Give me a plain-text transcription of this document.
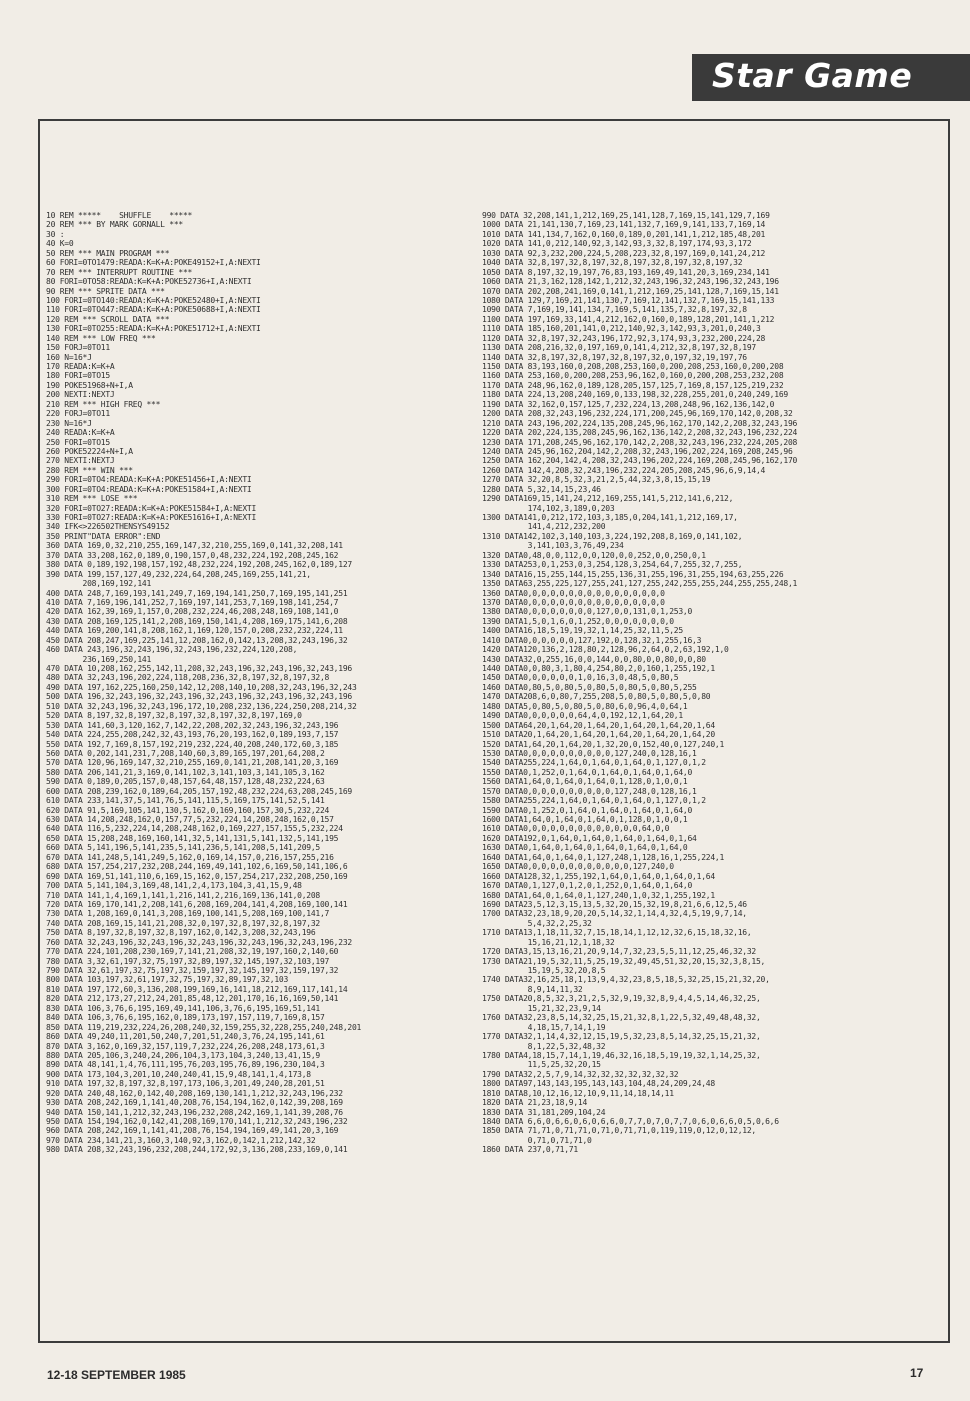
Star Game
10 REM *****    SHUFFLE    *****
20 REM *** BY MARK GORNALL ***
30 :
40 K=0
50 REM *** MAIN PROGRAM ***
60 FORI=0TO1479:READA:K=K+A:POKE49152+I,A:NEXTI
70 REM *** INTERRUPT ROUTINE ***
80 FORI=0TO58:READA:K=K+A:POKE52736+I,A:NEXTI
90 REM *** SPRITE DATA ***
100 FORI=0TO140:READA:K=K+A:POKE52480+I,A:NEXTI
110 FORI=0TO447:READA:K=K+A:POKE50688+I,A:NEXTI
120 REM *** SCROLL DATA ***
130 FORI=0TO255:READA:K=K+A:POKE51712+I,A:NEXTI
140 REM *** LOW FREQ ***
150 FORJ=0TO11
160 N=16*J
170 READA:K=K+A
180 FORI=0TO15
190 POKE51968+N+I,A
200 NEXTI:NEXTJ
210 REM *** HIGH FREQ ***
220 FORJ=0TO11
230 N=16*J
240 READA:K=K+A
250 FORI=0TO15
260 POKE52224+N+I,A
270 NEXTI:NEXTJ
280 REM *** WIN ***
290 FORI=0TO4:READA:K=K+A:POKE51456+I,A:NEXTI
300 FORI=0TO4:READA:K=K+A:POKE51584+I,A:NEXTI
310 REM *** LOSE ***
320 FORI=0TO27:READA:K=K+A:POKE51584+I,A:NEXTI
330 FORI=0TO27:READA:K=K+A:POKE51616+I,A:NEXTI
340 IFK<>226502THENSYS49152
350 PRINT"DATA ERROR":END
360 DATA 169,0,32,210,255,169,147,32,210,255,169,0,141,32,208,141
370 DATA 33,208,162,0,189,0,190,157,0,48,232,224,192,208,245,162
380 DATA 0,189,192,198,157,192,48,232,224,192,208,245,162,0,189,127
390 DATA 199,157,127,49,232,224,64,208,245,169,255,141,21,
208,169,192,141
400 DATA 248,7,169,193,141,249,7,169,194,141,250,7,169,195,141,251
410 DATA 7,169,196,141,252,7,169,197,141,253,7,169,198,141,254,7
420 DATA 162,39,169,1,157,0,208,232,224,46,208,248,169,108,141,0
430 DATA 208,169,125,141,2,208,169,150,141,4,208,169,175,141,6,208
440 DATA 169,200,141,8,208,162,1,169,120,157,0,208,232,232,224,11
450 DATA 208,247,169,225,141,12,208,162,0,142,13,208,32,243,196,32
460 DATA 243,196,32,243,196,32,243,196,232,224,120,208,
236,169,250,141
470 DATA 10,208,162,255,142,11,208,32,243,196,32,243,196,32,243,196
480 DATA 32,243,196,202,224,118,208,236,32,8,197,32,8,197,32,8
490 DATA 197,162,225,160,250,142,12,208,140,10,208,32,243,196,32,243
500 DATA 196,32,243,196,32,243,196,32,243,196,32,243,196,32,243,196
510 DATA 32,243,196,32,243,196,172,10,208,232,136,224,250,208,214,32
520 DATA 8,197,32,8,197,32,8,197,32,8,197,32,8,197,169,0
530 DATA 141,60,3,120,162,7,142,22,208,202,32,243,196,32,243,196
540 DATA 224,255,208,242,32,43,193,76,20,193,162,0,189,193,7,157
550 DATA 192,7,169,8,157,192,219,232,224,40,208,240,172,60,3,185
560 DATA 0,202,141,231,7,208,140,60,3,89,165,197,201,64,208,2
570 DATA 120,96,169,147,32,210,255,169,0,141,21,208,141,20,3,169
580 DATA 206,141,21,3,169,0,141,102,3,141,103,3,141,105,3,162
590 DATA 0,189,0,205,157,0,48,157,64,48,157,128,48,232,224,63
600 DATA 208,239,162,0,189,64,205,157,192,48,232,224,63,208,245,169
610 DATA 233,141,37,5,141,76,5,141,115,5,169,175,141,52,5,141
620 DATA 91,5,169,105,141,130,5,162,0,169,160,157,30,5,232,224
630 DATA 14,208,248,162,0,157,77,5,232,224,14,208,248,162,0,157
640 DATA 116,5,232,224,14,208,248,162,0,169,227,157,155,5,232,224
650 DATA 15,208,248,169,160,141,32,5,141,131,5,141,132,5,141,195
660 DATA 5,141,196,5,141,235,5,141,236,5,141,208,5,141,209,5
670 DATA 141,248,5,141,249,5,162,0,169,14,157,0,216,157,255,216
680 DATA 157,254,217,232,208,244,169,49,141,102,6,169,50,141,106,6
690 DATA 169,51,141,110,6,169,15,162,0,157,254,217,232,208,250,169
700 DATA 5,141,104,3,169,48,141,2,4,173,104,3,41,15,9,48
710 DATA 141,1,4,169,1,141,1,216,141,2,216,169,136,141,0,208
720 DATA 169,170,141,2,208,141,6,208,169,204,141,4,208,169,100,141
730 DATA 1,208,169,0,141,3,208,169,100,141,5,208,169,100,141,7
740 DATA 208,169,15,141,21,208,32,0,197,32,8,197,32,8,197,32
750 DATA 8,197,32,8,197,32,8,197,162,0,142,3,208,32,243,196
760 DATA 32,243,196,32,243,196,32,243,196,32,243,196,32,243,196,232
770 DATA 224,101,208,230,169,7,141,21,208,32,19,197,160,2,140,60
780 DATA 3,32,61,197,32,75,197,32,89,197,32,145,197,32,103,197
790 DATA 32,61,197,32,75,197,32,159,197,32,145,197,32,159,197,32
800 DATA 103,197,32,61,197,32,75,197,32,89,197,32,103
810 DATA 197,172,60,3,136,208,199,169,16,141,18,212,169,117,141,14
820 DATA 212,173,27,212,24,201,85,48,12,201,170,16,16,169,50,141
830 DATA 106,3,76,6,195,169,49,141,106,3,76,6,195,169,51,141
840 DATA 106,3,76,6,195,162,0,189,173,197,157,119,7,169,8,157
850 DATA 119,219,232,224,26,208,240,32,159,255,32,228,255,240,248,201
860 DATA 49,240,11,201,50,240,7,201,51,240,3,76,24,195,141,61
870 DATA 3,162,0,169,32,157,119,7,232,224,26,208,248,173,61,3
880 DATA 205,106,3,240,24,206,104,3,173,104,3,240,13,41,15,9
890 DATA 48,141,1,4,76,111,195,76,203,195,76,89,196,230,104,3
900 DATA 173,104,3,201,10,240,240,41,15,9,48,141,1,4,173,8
910 DATA 197,32,8,197,32,8,197,173,106,3,201,49,240,28,201,51
920 DATA 240,48,162,0,142,40,208,169,130,141,1,212,32,243,196,232
930 DATA 208,242,169,1,141,40,208,76,154,194,162,0,142,39,208,169
940 DATA 150,141,1,212,32,243,196,232,208,242,169,1,141,39,208,76
950 DATA 154,194,162,0,142,41,208,169,170,141,1,212,32,243,196,232
960 DATA 208,242,169,1,141,41,208,76,154,194,169,49,141,20,3,169
970 DATA 234,141,21,3,160,3,140,92,3,162,0,142,1,212,142,32
980 DATA 208,32,243,196,232,208,244,172,92,3,136,208,233,169,0,141
990 DATA 32,208,141,1,212,169,25,141,128,7,169,15,141,129,7,169
1000 DATA 21,141,130,7,169,23,141,132,7,169,9,141,133,7,169,14
1010 DATA 141,134,7,162,0,160,0,189,0,201,141,1,212,185,48,201
1020 DATA 141,0,212,140,92,3,142,93,3,32,8,197,174,93,3,172
1030 DATA 92,3,232,200,224,5,208,223,32,8,197,169,0,141,24,212
1040 DATA 32,8,197,32,8,197,32,8,197,32,8,197,32,8,197,32
1050 DATA 8,197,32,19,197,76,83,193,169,49,141,20,3,169,234,141
1060 DATA 21,3,162,128,142,1,212,32,243,196,32,243,196,32,243,196
1070 DATA 202,208,241,169,0,141,1,212,169,25,141,128,7,169,15,141
1080 DATA 129,7,169,21,141,130,7,169,12,141,132,7,169,15,141,133
1090 DATA 7,169,19,141,134,7,169,5,141,135,7,32,8,197,32,8
1100 DATA 197,169,33,141,4,212,162,0,160,0,189,128,201,141,1,212
1110 DATA 185,160,201,141,0,212,140,92,3,142,93,3,201,0,240,3
1120 DATA 32,8,197,32,243,196,172,92,3,174,93,3,232,200,224,28
1130 DATA 208,216,32,0,197,169,0,141,4,212,32,8,197,32,8,197
1140 DATA 32,8,197,32,8,197,32,8,197,32,0,197,32,19,197,76
1150 DATA 83,193,160,0,208,208,253,160,0,200,208,253,160,0,200,208
1160 DATA 253,160,0,200,208,253,96,162,0,160,0,200,208,253,232,208
1170 DATA 248,96,162,0,189,128,205,157,125,7,169,8,157,125,219,232
1180 DATA 224,13,208,240,169,0,133,198,32,228,255,201,0,240,249,169
1190 DATA 32,162,0,157,125,7,232,224,13,208,248,96,162,136,142,0
1200 DATA 208,32,243,196,232,224,171,200,245,96,169,170,142,0,208,32
1210 DATA 243,196,202,224,135,208,245,96,162,170,142,2,208,32,243,196
1220 DATA 202,224,135,208,245,96,162,136,142,2,208,32,243,196,232,224
1230 DATA 171,208,245,96,162,170,142,2,208,32,243,196,232,224,205,208
1240 DATA 245,96,162,204,142,2,208,32,243,196,202,224,169,208,245,96
1250 DATA 162,204,142,4,208,32,243,196,202,224,169,208,245,96,162,170
1260 DATA 142,4,208,32,243,196,232,224,205,208,245,96,6,9,14,4
1270 DATA 32,20,8,5,32,3,21,2,5,44,32,3,8,15,15,19
1280 DATA 5,32,14,15,23,46
1290 DATA169,15,141,24,212,169,255,141,5,212,141,6,212,
174,102,3,189,0,203
1300 DATA141,0,212,172,103,3,185,0,204,141,1,212,169,17,
141,4,212,232,200
1310 DATA142,102,3,140,103,3,224,192,208,8,169,0,141,102,
3,141,103,3,76,49,234
1320 DATA0,48,0,0,112,0,0,120,0,0,252,0,0,250,0,1
1330 DATA253,0,1,253,0,3,254,128,3,254,64,7,255,32,7,255,
1340 DATA16,15,255,144,15,255,136,31,255,196,31,255,194,63,255,226
1350 DATA63,255,225,127,255,241,127,255,242,255,255,244,255,255,248,1
1360 DATA0,0,0,0,0,0,0,0,0,0,0,0,0,0,0,0
1370 DATA0,0,0,0,0,0,0,0,0,0,0,0,0,0,0,0
1380 DATA0,0,0,0,0,0,0,0,127,0,0,131,0,1,253,0
1390 DATA1,5,0,1,6,0,1,252,0,0,0,0,0,0,0,0
1400 DATA16,18,5,19,19,32,1,14,25,32,11,5,25
1410 DATA0,0,0,0,0,0,127,192,0,128,32,1,255,16,3
1420 DATA120,136,2,128,80,2,128,96,2,64,0,2,63,192,1,0
1430 DATA32,0,255,16,0,0,144,0,0,80,0,0,80,0,0,80
1440 DATA0,0,80,3,1,80,4,254,80,2,0,160,1,255,192,1
1450 DATA0,0,0,0,0,0,1,0,16,3,0,48,5,0,80,5
1460 DATA0,80,5,0,80,5,0,80,5,0,80,5,0,80,5,255
1470 DATA208,6,0,80,7,255,208,5,0,80,5,0,80,5,0,80
1480 DATA5,0,80,5,0,80,5,0,80,6,0,96,4,0,64,1
1490 DATA0,0,0,0,0,0,64,4,0,192,12,1,64,20,1
1500 DATA64,20,1,64,20,1,64,20,1,64,20,1,64,20,1,64
1510 DATA20,1,64,20,1,64,20,1,64,20,1,64,20,1,64,20
1520 DATA1,64,20,1,64,20,1,32,20,0,152,40,0,127,240,1
1530 DATA0,0,0,0,0,0,0,0,0,0,127,240,0,128,16,1
1540 DATA255,224,1,64,0,1,64,0,1,64,0,1,127,0,1,2
1550 DATA0,1,252,0,1,64,0,1,64,0,1,64,0,1,64,0
1560 DATA1,64,0,1,64,0,1,64,0,1,128,0,1,0,0,1
1570 DATA0,0,0,0,0,0,0,0,0,0,127,248,0,128,16,1
1580 DATA255,224,1,64,0,1,64,0,1,64,0,1,127,0,1,2
1590 DATA0,1,252,0,1,64,0,1,64,0,1,64,0,1,64,0
1600 DATA1,64,0,1,64,0,1,64,0,1,128,0,1,0,0,1
1610 DATA0,0,0,0,0,0,0,0,0,0,0,0,0,64,0,0
1620 DATA192,0,1,64,0,1,64,0,1,64,0,1,64,0,1,64
1630 DATA0,1,64,0,1,64,0,1,64,0,1,64,0,1,64,0
1640 DATA1,64,0,1,64,0,1,127,248,1,128,16,1,255,224,1
1650 DATA0,0,0,0,0,0,0,0,0,0,0,0,127,240,0
1660 DATA128,32,1,255,192,1,64,0,1,64,0,1,64,0,1,64
1670 DATA0,1,127,0,1,2,0,1,252,0,1,64,0,1,64,0
1680 DATA1,64,0,1,64,0,1,127,240,1,0,32,1,255,192,1
1690 DATA23,5,12,3,15,13,5,32,20,15,32,19,8,21,6,6,12,5,46
1700 DATA32,23,18,9,20,20,5,14,32,1,14,4,32,4,5,19,9,7,14,
5,4,32,2,25,32
1710 DATA13,1,18,11,32,7,15,18,14,1,12,12,32,6,15,18,32,16,
15,16,21,12,1,18,32
1720 DATA3,15,13,16,21,20,9,14,7,32,23,5,5,11,12,25,46,32,32
1730 DATA21,19,5,32,11,5,25,19,32,49,45,51,32,20,15,32,3,8,15,
15,19,5,32,20,8,5
1740 DATA32,16,25,18,1,13,9,4,32,23,8,5,18,5,32,25,15,21,32,20,
8,9,14,11,32
1750 DATA20,8,5,32,3,21,2,5,32,9,19,32,8,9,4,4,5,14,46,32,25,
15,21,32,23,9,14
1760 DATA32,23,8,5,14,32,25,15,21,32,8,1,22,5,32,49,48,48,32,
4,18,15,7,14,1,19
1770 DATA32,1,14,4,32,12,15,19,5,32,23,8,5,14,32,25,15,21,32,
8,1,22,5,32,48,32
1780 DATA4,18,15,7,14,1,19,46,32,16,18,5,19,19,32,1,14,25,32,
11,5,25,32,20,15
1790 DATA32,2,5,7,9,14,32,32,32,32,32,32,32
1800 DATA97,143,143,195,143,143,104,48,24,209,24,48
1810 DATA8,10,12,16,12,10,9,11,14,18,14,11
1820 DATA 21,23,18,9,14
1830 DATA 31,181,209,104,24
1840 DATA 6,6,0,6,6,0,6,0,6,6,0,7,7,0,7,0,7,7,0,6,0,6,6,0,5,0,6,6
1850 DATA 71,71,0,71,71,0,71,0,71,71,0,119,119,0,12,0,12,12,
0,71,0,71,71,0
1860 DATA 237,0,71,71
12-18 SEPTEMBER 1985	17
